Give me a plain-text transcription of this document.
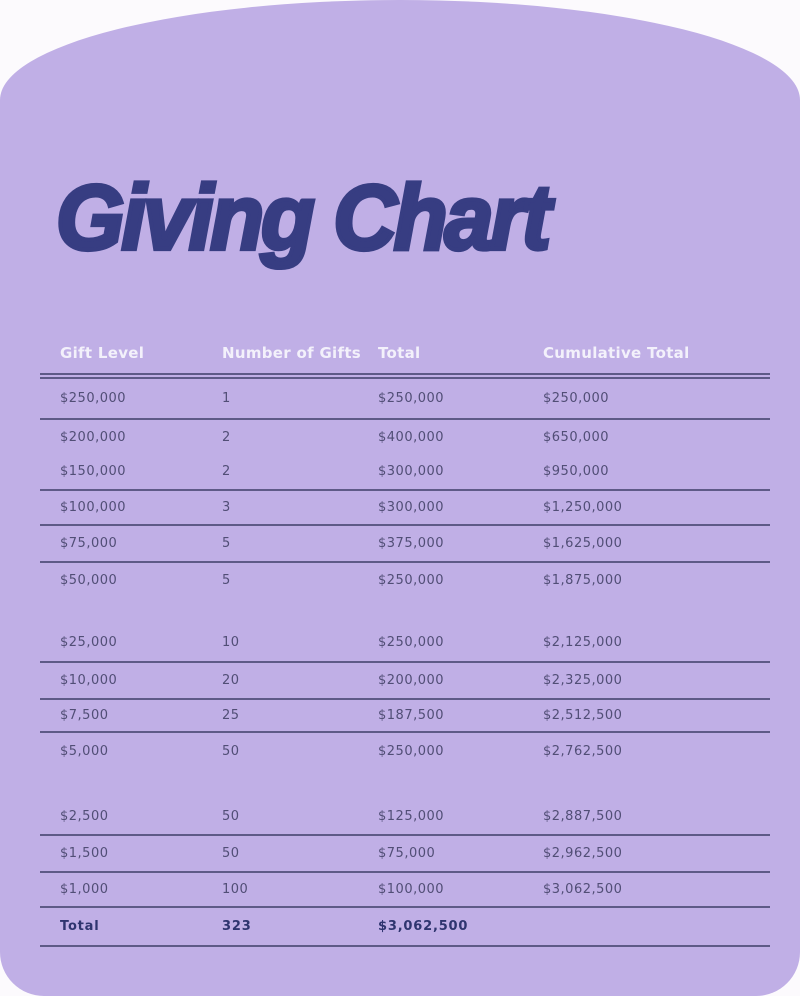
Giving Chart
Gift Level	Number of Gifts	Total	Cumulative Total
$250,000	1	$250,000	$250,000
$200,000	2	$400,000	$650,000
$150,000	2	$300,000	$950,000
$100,000	3	$300,000	$1,250,000
$75,000	5	$375,000	$1,625,000
$50,000	5	$250,000	$1,875,000
$25,000	10	$250,000	$2,125,000
$10,000	20	$200,000	$2,325,000
$7,500	25	$187,500	$2,512,500
$5,000	50	$250,000	$2,762,500
$2,500	50	$125,000	$2,887,500
$1,500	50	$75,000	$2,962,500
$1,000	100	$100,000	$3,062,500
Total	323	$3,062,500
